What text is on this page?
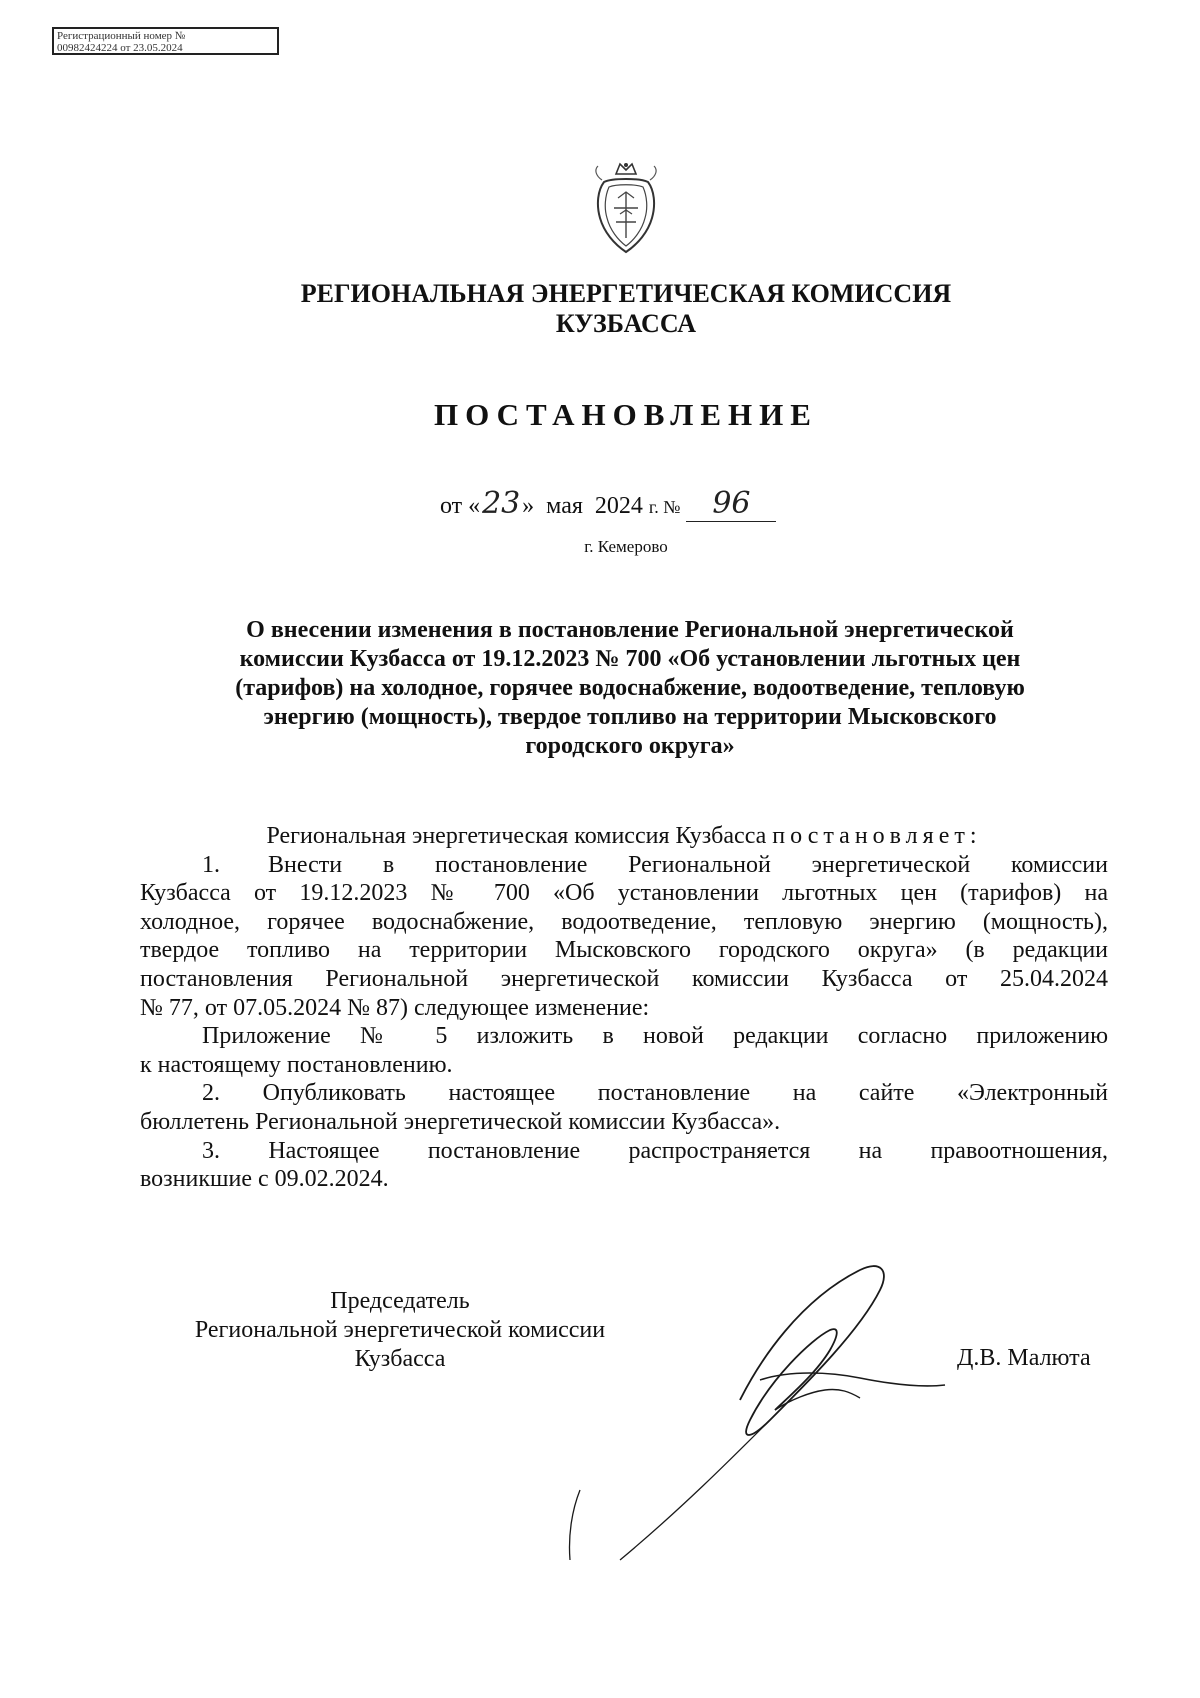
Регистрационный номер №
00982424224 от 23.05.2024
РЕГИОНАЛЬНАЯ ЭНЕРГЕТИЧЕСКАЯ КОМИССИЯ
КУЗБАССА
ПОСТАНОВЛЕНИЕ
от «23» мая 2024 г. № 96
г. Кемерово
О внесении изменения в постановление Региональной энергетической
комиссии Кузбасса от 19.12.2023 № 700 «Об установлении льготных цен
(тарифов) на холодное, горячее водоснабжение, водоотведение, тепловую
энергию (мощность), твердое топливо на территории Мысковского
городского округа»
Региональная энергетическая комиссия Кузбасса постановляет:
1. Внести в постановление Региональной энергетической комиссии
Кузбасса от 19.12.2023 № 700 «Об установлении льготных цен (тарифов) на
холодное, горячее водоснабжение, водоотведение, тепловую энергию (мощность),
твердое топливо на территории Мысковского городского округа» (в редакции
постановления Региональной энергетической комиссии Кузбасса от 25.04.2024
№ 77, от 07.05.2024 № 87) следующее изменение:
Приложение № 5 изложить в новой редакции согласно приложению
к настоящему постановлению.
2. Опубликовать настоящее постановление на сайте «Электронный
бюллетень Региональной энергетической комиссии Кузбасса».
3. Настоящее постановление распространяется на правоотношения,
возникшие с 09.02.2024.
Председатель
Региональной энергетической комиссии
Кузбасса	Д.В. Малюта
